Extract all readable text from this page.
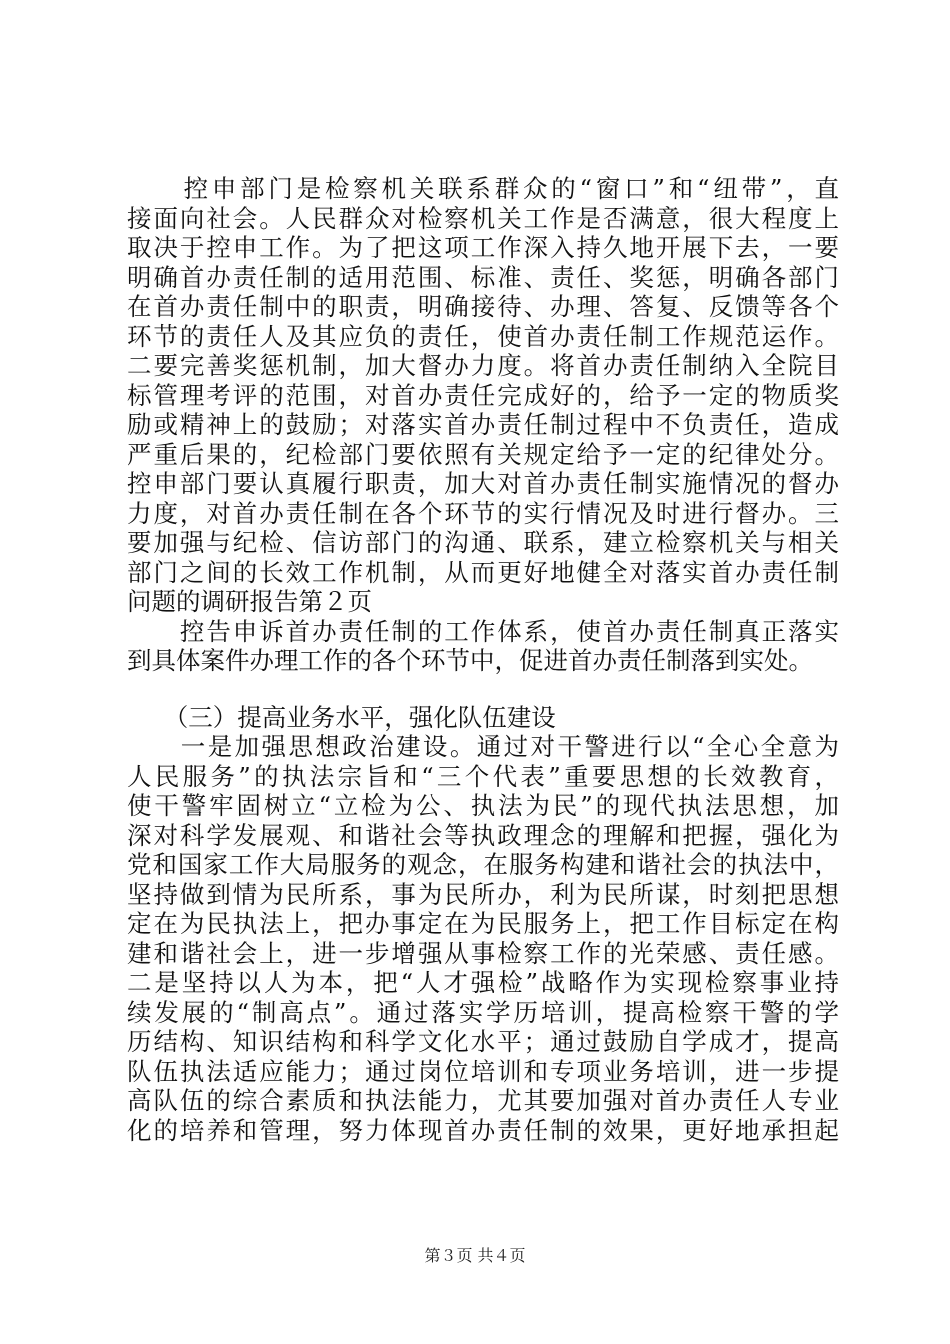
　　控申部门是检察机关联系群众的“窗口”和“纽带”，直
接面向社会。人民群众对检察机关工作是否满意，很大程度上
取决于控申工作。为了把这项工作深入持久地开展下去，一要
明确首办责任制的适用范围、标准、责任、奖惩，明确各部门
在首办责任制中的职责，明确接待、办理、答复、反馈等各个
环节的责任人及其应负的责任，使首办责任制工作规范运作。
二要完善奖惩机制，加大督办力度。将首办责任制纳入全院目
标管理考评的范围，对首办责任完成好的，给予一定的物质奖
励或精神上的鼓励；对落实首办责任制过程中不负责任，造成
严重后果的，纪检部门要依照有关规定给予一定的纪律处分。
控申部门要认真履行职责，加大对首办责任制实施情况的督办
力度，对首办责任制在各个环节的实行情况及时进行督办。三
要加强与纪检、信访部门的沟通、联系，建立检察机关与相关
部门之间的长效工作机制，从而更好地健全对落实首办责任制
问题的调研报告第２页
　　控告申诉首办责任制的工作体系，使首办责任制真正落实
到具体案件办理工作的各个环节中，促进首办责任制落到实处。
　　（三）提高业务水平，强化队伍建设
　　一是加强思想政治建设。通过对干警进行以“全心全意为
人民服务”的执法宗旨和“三个代表”重要思想的长效教育，
使干警牢固树立“立检为公、执法为民”的现代执法思想，加
深对科学发展观、和谐社会等执政理念的理解和把握，强化为
党和国家工作大局服务的观念，在服务构建和谐社会的执法中，
坚持做到情为民所系，事为民所办，利为民所谋，时刻把思想
定在为民执法上，把办事定在为民服务上，把工作目标定在构
建和谐社会上，进一步增强从事检察工作的光荣感、责任感。
二是坚持以人为本，把“人才强检”战略作为实现检察事业持
续发展的“制高点”。通过落实学历培训，提高检察干警的学
历结构、知识结构和科学文化水平；通过鼓励自学成才，提高
队伍执法适应能力；通过岗位培训和专项业务培训，进一步提
高队伍的综合素质和执法能力，尤其要加强对首办责任人专业
化的培养和管理，努力体现首办责任制的效果，更好地承担起
第３页 共４页
